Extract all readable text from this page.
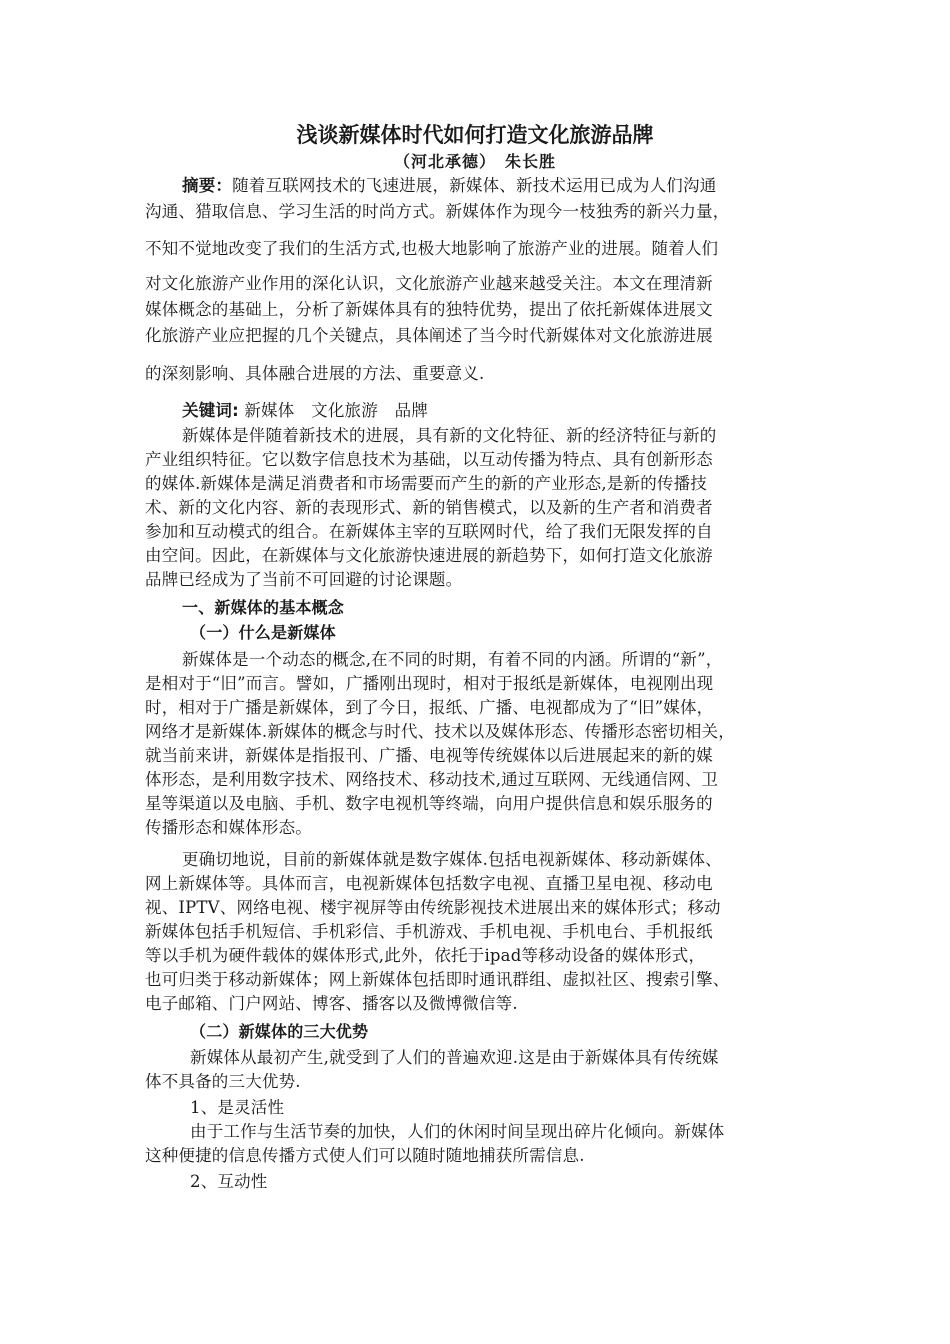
浅谈新媒体时代如何打造文化旅游品牌
（河北承德）　朱长胜
摘要：随着互联网技术的飞速进展，新媒体、新技术运用已成为人们沟通
沟通、猎取信息、学习生活的时尚方式。新媒体作为现今一枝独秀的新兴力量，
不知不觉地改变了我们的生活方式,也极大地影响了旅游产业的进展。随着人们
对文化旅游产业作用的深化认识，文化旅游产业越来越受关注。本文在理清新
媒体概念的基础上，分析了新媒体具有的独特优势，提出了依托新媒体进展文
化旅游产业应把握的几个关键点，具体阐述了当今时代新媒体对文化旅游进展
的深刻影响、具体融合进展的方法、重要意义.
关键词: 新媒体　文化旅游　品牌
新媒体是伴随着新技术的进展，具有新的文化特征、新的经济特征与新的
产业组织特征。它以数字信息技术为基础，以互动传播为特点、具有创新形态
的媒体.新媒体是满足消费者和市场需要而产生的新的产业形态,是新的传播技
术、新的文化内容、新的表现形式、新的销售模式，以及新的生产者和消费者
参加和互动模式的组合。在新媒体主宰的互联网时代，给了我们无限发挥的自
由空间。因此，在新媒体与文化旅游快速进展的新趋势下，如何打造文化旅游
品牌已经成为了当前不可回避的讨论课题。
一、新媒体的基本概念
（一）什么是新媒体
新媒体是一个动态的概念,在不同的时期，有着不同的内涵。所谓的“新”，
是相对于“旧”而言。譬如，广播刚出现时，相对于报纸是新媒体，电视刚出现
时，相对于广播是新媒体，到了今日，报纸、广播、电视都成为了“旧”媒体，
网络才是新媒体.新媒体的概念与时代、技术以及媒体形态、传播形态密切相关，
就当前来讲，新媒体是指报刊、广播、电视等传统媒体以后进展起来的新的媒
体形态，是利用数字技术、网络技术、移动技术,通过互联网、无线通信网、卫
星等渠道以及电脑、手机、数字电视机等终端，向用户提供信息和娱乐服务的
传播形态和媒体形态。
更确切地说，目前的新媒体就是数字媒体.包括电视新媒体、移动新媒体、
网上新媒体等。具体而言，电视新媒体包括数字电视、直播卫星电视、移动电
视、IPTV、网络电视、楼宇视屏等由传统影视技术进展出来的媒体形式；移动
新媒体包括手机短信、手机彩信、手机游戏、手机电视、手机电台、手机报纸
等以手机为硬件载体的媒体形式,此外，依托于ipad等移动设备的媒体形式，
也可归类于移动新媒体；网上新媒体包括即时通讯群组、虚拟社区、搜索引擎、
电子邮箱、门户网站、博客、播客以及微博微信等.
（二）新媒体的三大优势
新媒体从最初产生,就受到了人们的普遍欢迎.这是由于新媒体具有传统媒
体不具备的三大优势.
1、是灵活性
由于工作与生活节奏的加快，人们的休闲时间呈现出碎片化倾向。新媒体
这种便捷的信息传播方式使人们可以随时随地捕获所需信息.
2、互动性
